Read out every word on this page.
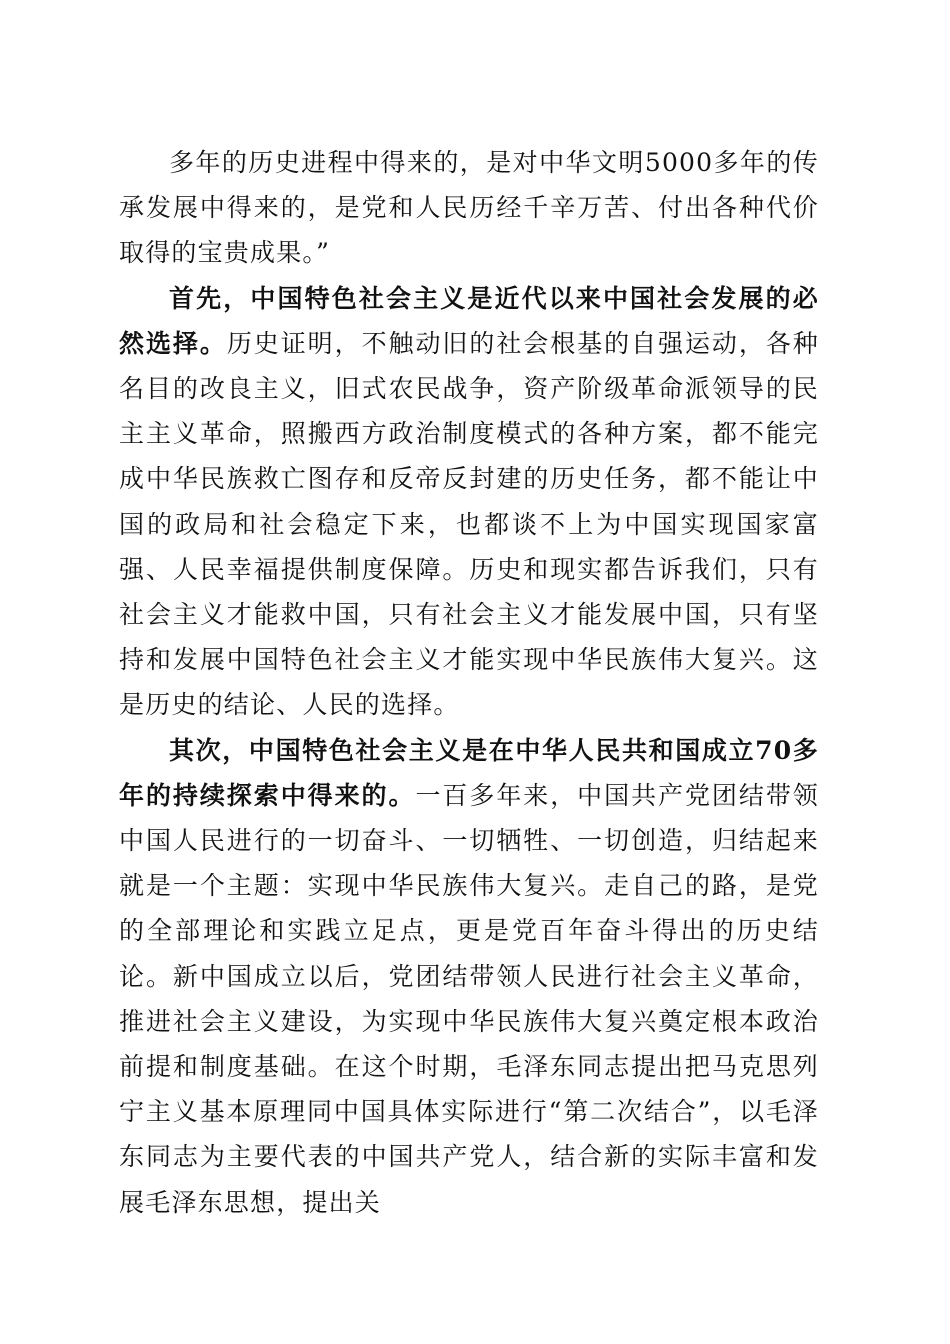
多年的历史进程中得来的，是对中华文明5000多年的传承发展中得来的，是党和人民历经千辛万苦、付出各种代价取得的宝贵成果。”

首先，中国特色社会主义是近代以来中国社会发展的必然选择。历史证明，不触动旧的社会根基的自强运动，各种名目的改良主义，旧式农民战争，资产阶级革命派领导的民主主义革命，照搬西方政治制度模式的各种方案，都不能完成中华民族救亡图存和反帝反封建的历史任务，都不能让中国的政局和社会稳定下来，也都谈不上为中国实现国家富强、人民幸福提供制度保障。历史和现实都告诉我们，只有社会主义才能救中国，只有社会主义才能发展中国，只有坚持和发展中国特色社会主义才能实现中华民族伟大复兴。这是历史的结论、人民的选择。

其次，中国特色社会主义是在中华人民共和国成立70多年的持续探索中得来的。一百多年来，中国共产党团结带领中国人民进行的一切奋斗、一切牺牲、一切创造，归结起来就是一个主题：实现中华民族伟大复兴。走自己的路，是党的全部理论和实践立足点，更是党百年奋斗得出的历史结论。新中国成立以后，党团结带领人民进行社会主义革命，推进社会主义建设，为实现中华民族伟大复兴奠定根本政治前提和制度基础。在这个时期，毛泽东同志提出把马克思列宁主义基本原理同中国具体实际进行“第二次结合”，以毛泽东同志为主要代表的中国共产党人，结合新的实际丰富和发展毛泽东思想，提出关
